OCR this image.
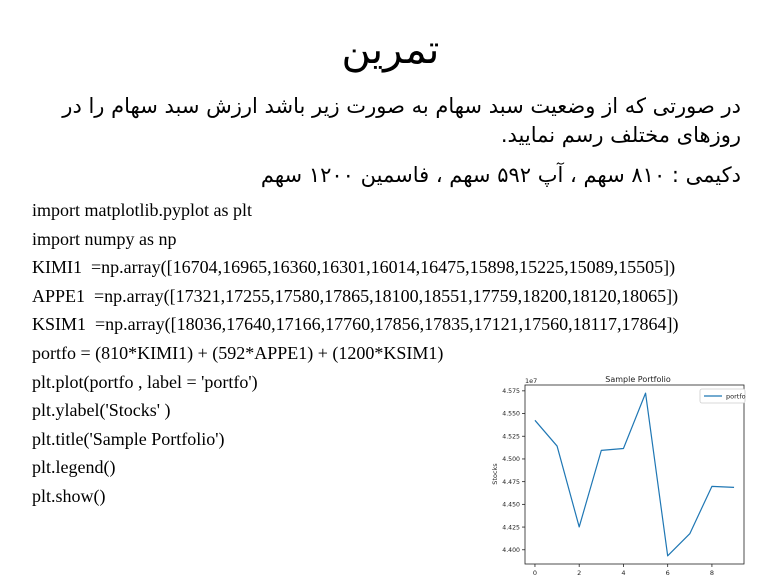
تمرین
در صورتی که از وضعیت سبد سهام به صورت زیر باشد ارزش سبد سهام را در روزهای مختلف رسم نمایید.
دکیمی : ۸۱۰ سهم ، آپ ۵۹۲ سهم ، فاسمین ۱۲۰۰ سهم
import matplotlib.pyplot as plt
import numpy as np
KIMI1  =np.array([16704,16965,16360,16301,16014,16475,15898,15225,15089,15505])
APPE1  =np.array([17321,17255,17580,17865,18100,18551,17759,18200,18120,18065])
KSIM1  =np.array([18036,17640,17166,17760,17856,17835,17121,17560,18117,17864])
portfo = (810*KIMI1) + (592*APPE1) + (1200*KSIM1)
plt.plot(portfo , label = 'portfo')
plt.ylabel('Stocks' )
plt.title('Sample Portfolio')
plt.legend()
plt.show()
Sample Portfolio
1e7
Stocks
0	2	4	6	8
4.400
4.425
4.450
4.475
4.500
4.525
4.550
4.575
portfo
